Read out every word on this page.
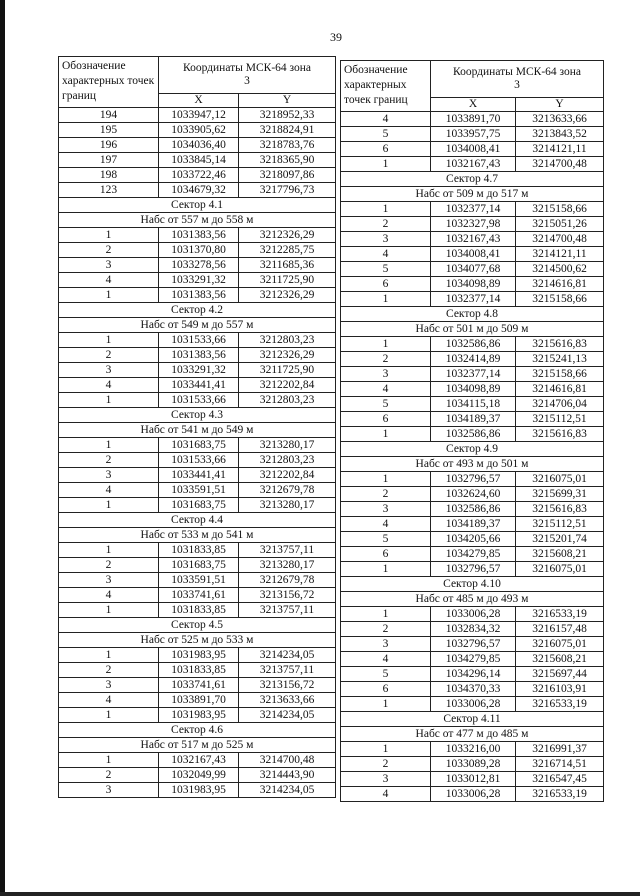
39
Обозначение характерных точек границ	Координаты МСК-64 зона 3	
	X	Y
194	1033947,12	3218952,33
195	1033905,62	3218824,91
196	1034036,40	3218783,76
197	1033845,14	3218365,90
198	1033722,46	3218097,86
123	1034679,32	3217796,73
Сектор 4.1		
Набс от 557 м до 558 м		
1	1031383,56	3212326,29
2	1031370,80	3212285,75
3	1033278,56	3211685,36
4	1033291,32	3211725,90
1	1031383,56	3212326,29
Сектор 4.2		
Набс от 549 м до 557 м		
1	1031533,66	3212803,23
2	1031383,56	3212326,29
3	1033291,32	3211725,90
4	1033441,41	3212202,84
1	1031533,66	3212803,23
Сектор 4.3		
Набс от 541 м до 549 м		
1	1031683,75	3213280,17
2	1031533,66	3212803,23
3	1033441,41	3212202,84
4	1033591,51	3212679,78
1	1031683,75	3213280,17
Сектор 4.4		
Набс от 533 м до 541 м		
1	1031833,85	3213757,11
2	1031683,75	3213280,17
3	1033591,51	3212679,78
4	1033741,61	3213156,72
1	1031833,85	3213757,11
Сектор 4.5		
Набс от 525 м до 533 м		
1	1031983,95	3214234,05
2	1031833,85	3213757,11
3	1033741,61	3213156,72
4	1033891,70	3213633,66
1	1031983,95	3214234,05
Сектор 4.6		
Набс от 517 м до 525 м		
1	1032167,43	3214700,48
2	1032049,99	3214443,90
3	1031983,95	3214234,05
Обозначение характерных точек границ	Координаты МСК-64 зона 3	
	X	Y
4	1033891,70	3213633,66
5	1033957,75	3213843,52
6	1034008,41	3214121,11
1	1032167,43	3214700,48
Сектор 4.7		
Набс от 509 м до 517 м		
1	1032377,14	3215158,66
2	1032327,98	3215051,26
3	1032167,43	3214700,48
4	1034008,41	3214121,11
5	1034077,68	3214500,62
6	1034098,89	3214616,81
1	1032377,14	3215158,66
Сектор 4.8		
Набс от 501 м до 509 м		
1	1032586,86	3215616,83
2	1032414,89	3215241,13
3	1032377,14	3215158,66
4	1034098,89	3214616,81
5	1034115,18	3214706,04
6	1034189,37	3215112,51
1	1032586,86	3215616,83
Сектор 4.9		
Набс от 493 м до 501 м		
1	1032796,57	3216075,01
2	1032624,60	3215699,31
3	1032586,86	3215616,83
4	1034189,37	3215112,51
5	1034205,66	3215201,74
6	1034279,85	3215608,21
1	1032796,57	3216075,01
Сектор 4.10		
Набс от 485 м до 493 м		
1	1033006,28	3216533,19
2	1032834,32	3216157,48
3	1032796,57	3216075,01
4	1034279,85	3215608,21
5	1034296,14	3215697,44
6	1034370,33	3216103,91
1	1033006,28	3216533,19
Сектор 4.11		
Набс от 477 м до 485 м		
1	1033216,00	3216991,37
2	1033089,28	3216714,51
3	1033012,81	3216547,45
4	1033006,28	3216533,19
